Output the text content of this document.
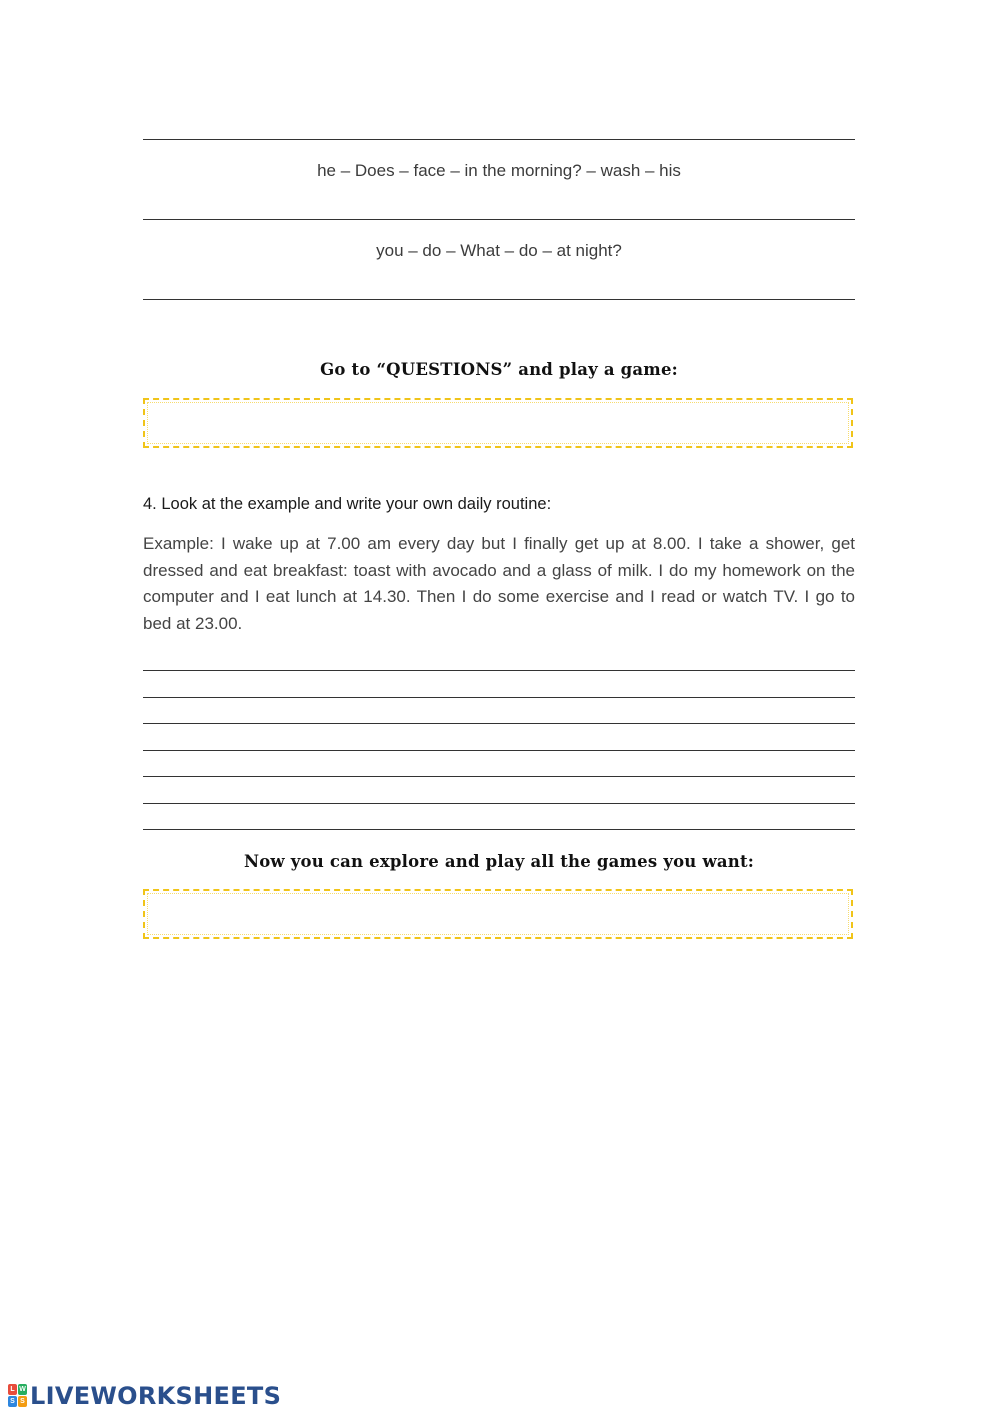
he – Does – face – in the morning? – wash – his
you – do – What – do – at night?
Go to “QUESTIONS” and play a game:
4. Look at the example and write your own daily routine:

Example: I wake up at 7.00 am every day but I finally get up at 8.00. I take a shower, get dressed and eat breakfast: toast with avocado and a glass of milk. I do my homework on the computer and I eat lunch at 14.30. Then I do some exercise and I read or watch TV. I go to bed at 23.00.

Now you can explore and play all the games you want:
L W
S S LIVEWORKSHEETS
